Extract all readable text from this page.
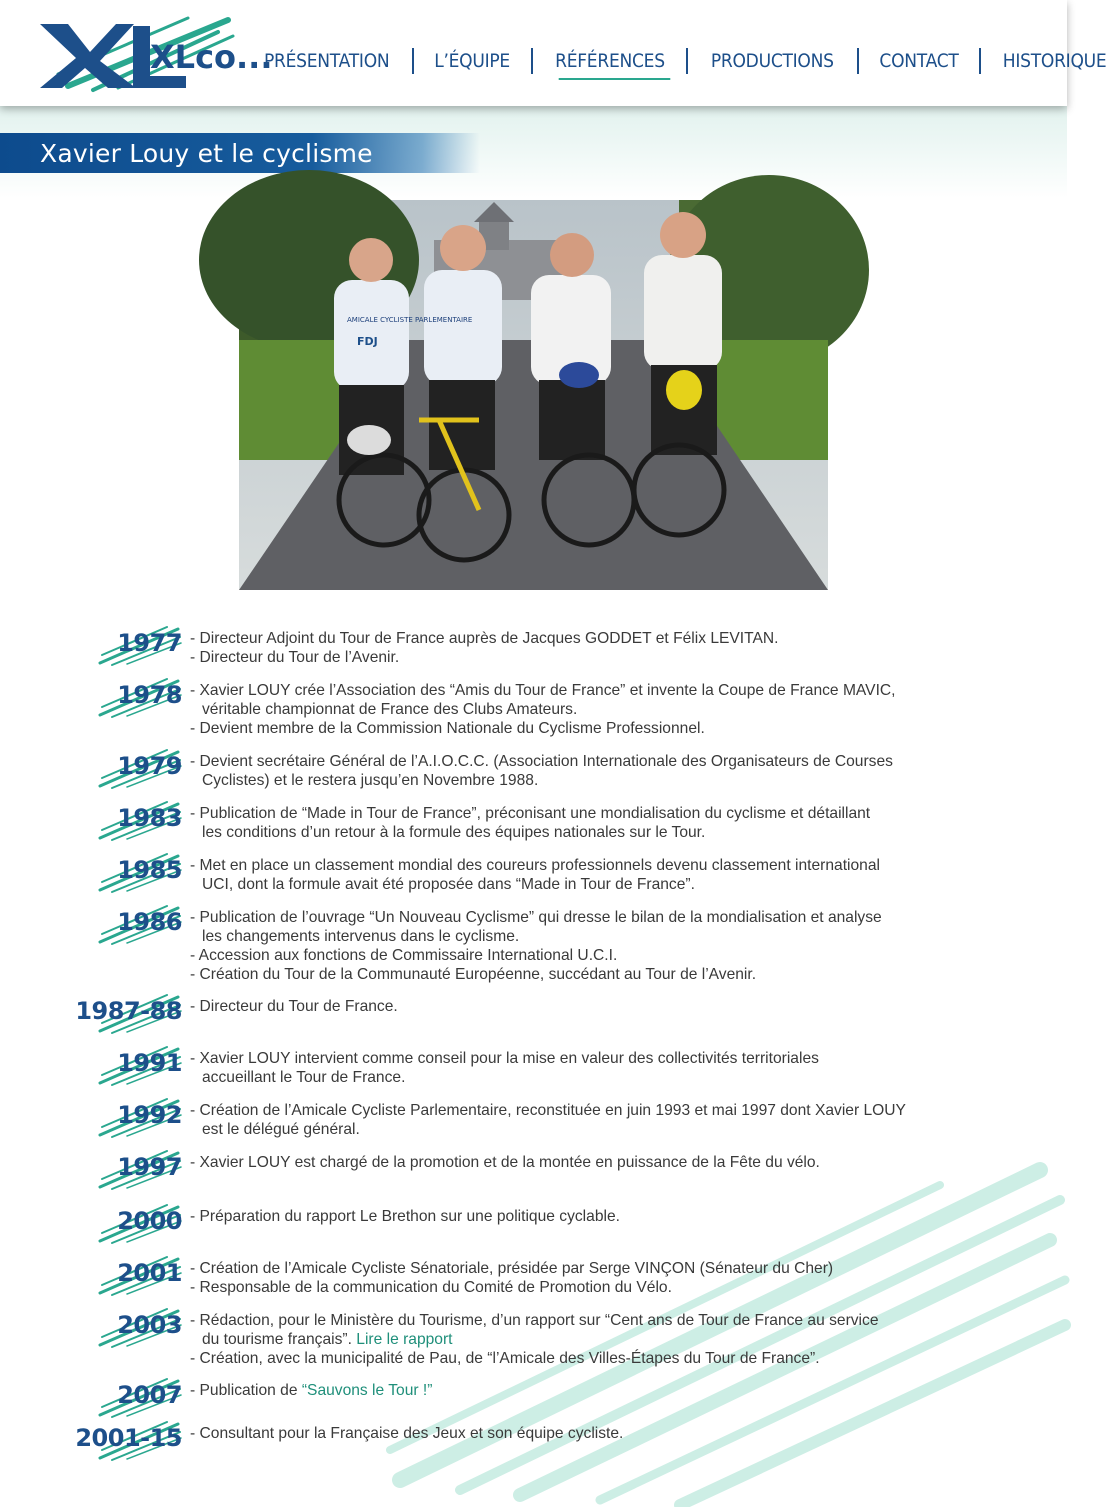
XLco...
PRÉSENTATION L’ÉQUIPE RÉFÉRENCES PRODUCTIONS CONTACT HISTORIQUE
Xavier Louy et le cyclisme
AMICALE CYCLISTE PARLEMENTAIRE
FDJ
1977 - Directeur Adjoint du Tour de France auprès de Jacques GODDET et Félix LEVITAN.
- Directeur du Tour de l’Avenir.
1978 - Xavier LOUY crée l’Association des “Amis du Tour de France” et invente la Coupe de France MAVIC,
véritable championnat de France des Clubs Amateurs.
- Devient membre de la Commission Nationale du Cyclisme Professionnel.
1979 - Devient secrétaire Général de l’A.I.O.C.C. (Association Internationale des Organisateurs de Courses
Cyclistes) et le restera jusqu’en Novembre 1988.
1983 - Publication de “Made in Tour de France”, préconisant une mondialisation du cyclisme et détaillant
les conditions d’un retour à la formule des équipes nationales sur le Tour.
1985 - Met en place un classement mondial des coureurs professionnels devenu classement international
UCI, dont la formule avait été proposée dans “Made in Tour de France”.
1986 - Publication de l’ouvrage “Un Nouveau Cyclisme” qui dresse le bilan de la mondialisation et analyse
les changements intervenus dans le cyclisme.
- Accession aux fonctions de Commissaire International U.C.I.
- Création du Tour de la Communauté Européenne, succédant au Tour de l’Avenir.
1987-88 - Directeur du Tour de France.
1991 - Xavier LOUY intervient comme conseil pour la mise en valeur des collectivités territoriales
accueillant le Tour de France.
1992 - Création de l’Amicale Cycliste Parlementaire, reconstituée en juin 1993 et mai 1997 dont Xavier LOUY
est le délégué général.
1997 - Xavier LOUY est chargé de la promotion et de la montée en puissance de la Fête du vélo.
2000 - Préparation du rapport Le Brethon sur une politique cyclable.
2001 - Création de l’Amicale Cycliste Sénatoriale, présidée par Serge VINÇON (Sénateur du Cher)
- Responsable de la communication du Comité de Promotion du Vélo.
2003 - Rédaction, pour le Ministère du Tourisme, d’un rapport sur “Cent ans de Tour de France au service
du tourisme français”. Lire le rapport
- Création, avec la municipalité de Pau, de “l’Amicale des Villes-Étapes du Tour de France”.
2007 - Publication de “Sauvons le Tour !”
2001-15 - Consultant pour la Française des Jeux et son équipe cycliste.
